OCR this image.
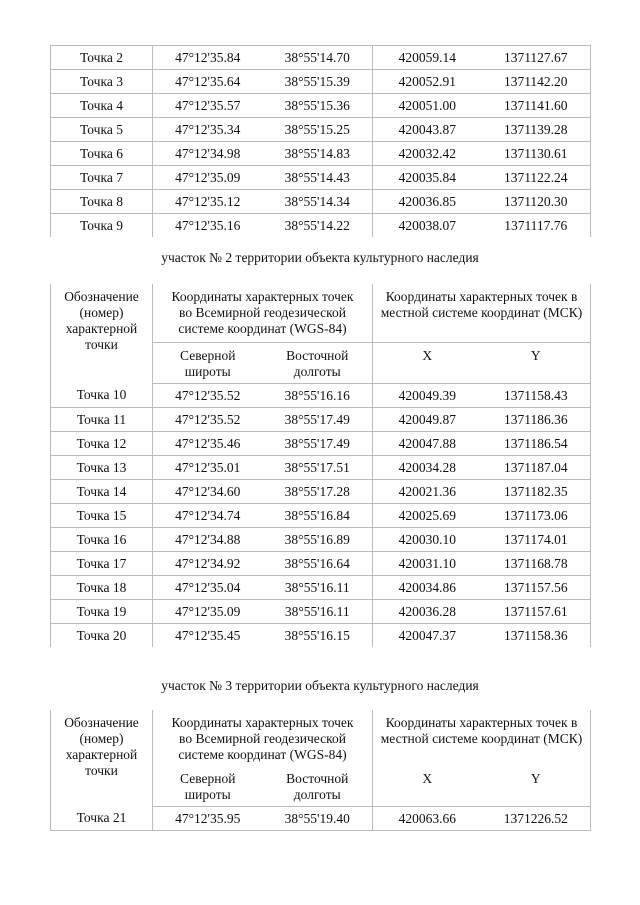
Точка 2	47°12'35.84	38°55'14.70	420059.14	1371127.67
Точка 3	47°12'35.64	38°55'15.39	420052.91	1371142.20
Точка 4	47°12'35.57	38°55'15.36	420051.00	1371141.60
Точка 5	47°12'35.34	38°55'15.25	420043.87	1371139.28
Точка 6	47°12'34.98	38°55'14.83	420032.42	1371130.61
Точка 7	47°12'35.09	38°55'14.43	420035.84	1371122.24
Точка 8	47°12'35.12	38°55'14.34	420036.85	1371120.30
Точка 9	47°12'35.16	38°55'14.22	420038.07	1371117.76
участок № 2 территории объекта культурного наследия
Обозначение (номер) характерной точки	Координаты характерных точек во Всемирной геодезической системе координат (WGS-84)		Координаты характерных точек в местной системе координат (МСК)	
	Северной широты	Восточной долготы	X	Y
Точка 10	47°12'35.52	38°55'16.16	420049.39	1371158.43
Точка 11	47°12'35.52	38°55'17.49	420049.87	1371186.36
Точка 12	47°12'35.46	38°55'17.49	420047.88	1371186.54
Точка 13	47°12'35.01	38°55'17.51	420034.28	1371187.04
Точка 14	47°12'34.60	38°55'17.28	420021.36	1371182.35
Точка 15	47°12'34.74	38°55'16.84	420025.69	1371173.06
Точка 16	47°12'34.88	38°55'16.89	420030.10	1371174.01
Точка 17	47°12'34.92	38°55'16.64	420031.10	1371168.78
Точка 18	47°12'35.04	38°55'16.11	420034.86	1371157.56
Точка 19	47°12'35.09	38°55'16.11	420036.28	1371157.61
Точка 20	47°12'35.45	38°55'16.15	420047.37	1371158.36
участок № 3 территории объекта культурного наследия
Обозначение (номер) характерной точки	Координаты характерных точек во Всемирной геодезической системе координат (WGS-84)		Координаты характерных точек в местной системе координат (МСК)	
	Северной широты	Восточной долготы	X	Y
Точка 21	47°12'35.95	38°55'19.40	420063.66	1371226.52
